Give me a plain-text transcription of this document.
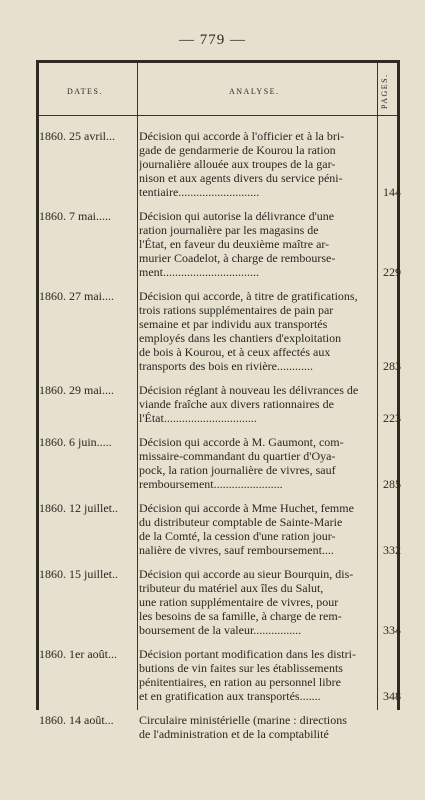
— 779 —
DATES.	ANALYSE.	PAGES.
1860. 25 avril...	Décision qui accorde à l'officier et à la bri-
gade de gendarmerie de Kourou la ration
journalière allouée aux troupes de la gar-
nison et aux agents divers du service péni-
tentiaire...........................	144
1860. 7 mai.....	Décision qui autorise la délivrance d'une
ration journalière par les magasins de
l'État, en faveur du deuxième maître ar-
murier Coadelot, à charge de rembourse-
ment................................	229
1860. 27 mai....	Décision qui accorde, à titre de gratifications,
trois rations supplémentaires de pain par
semaine et par individu aux transportés
employés dans les chantiers d'exploitation
de bois à Kourou, et à ceux affectés aux
transports des bois en rivière............	283
1860. 29 mai....	Décision réglant à nouveau les délivrances de
viande fraîche aux divers rationnaires de
l'État...............................	223
1860. 6 juin.....	Décision qui accorde à M. Gaumont, com-
missaire-commandant du quartier d'Oya-
pock, la ration journalière de vivres, sauf
remboursement.......................	285
1860. 12 juillet..	Décision qui accorde à Mme Huchet, femme
du distributeur comptable de Sainte-Marie
de la Comté, la cession d'une ration jour-
nalière de vivres, sauf remboursement....	332
1860. 15 juillet..	Décision qui accorde au sieur Bourquin, dis-
tributeur du matériel aux îles du Salut,
une ration supplémentaire de vivres, pour
les besoins de sa famille, à charge de rem-
boursement de la valeur................	334
1860. 1er août...	Décision portant modification dans les distri-
butions de vin faites sur les établissements
pénitentiaires, en ration au personnel libre
et en gratification aux transportés.......	348
1860. 14 août...	Circulaire ministérielle (marine : directions
de l'administration et de la comptabilité
